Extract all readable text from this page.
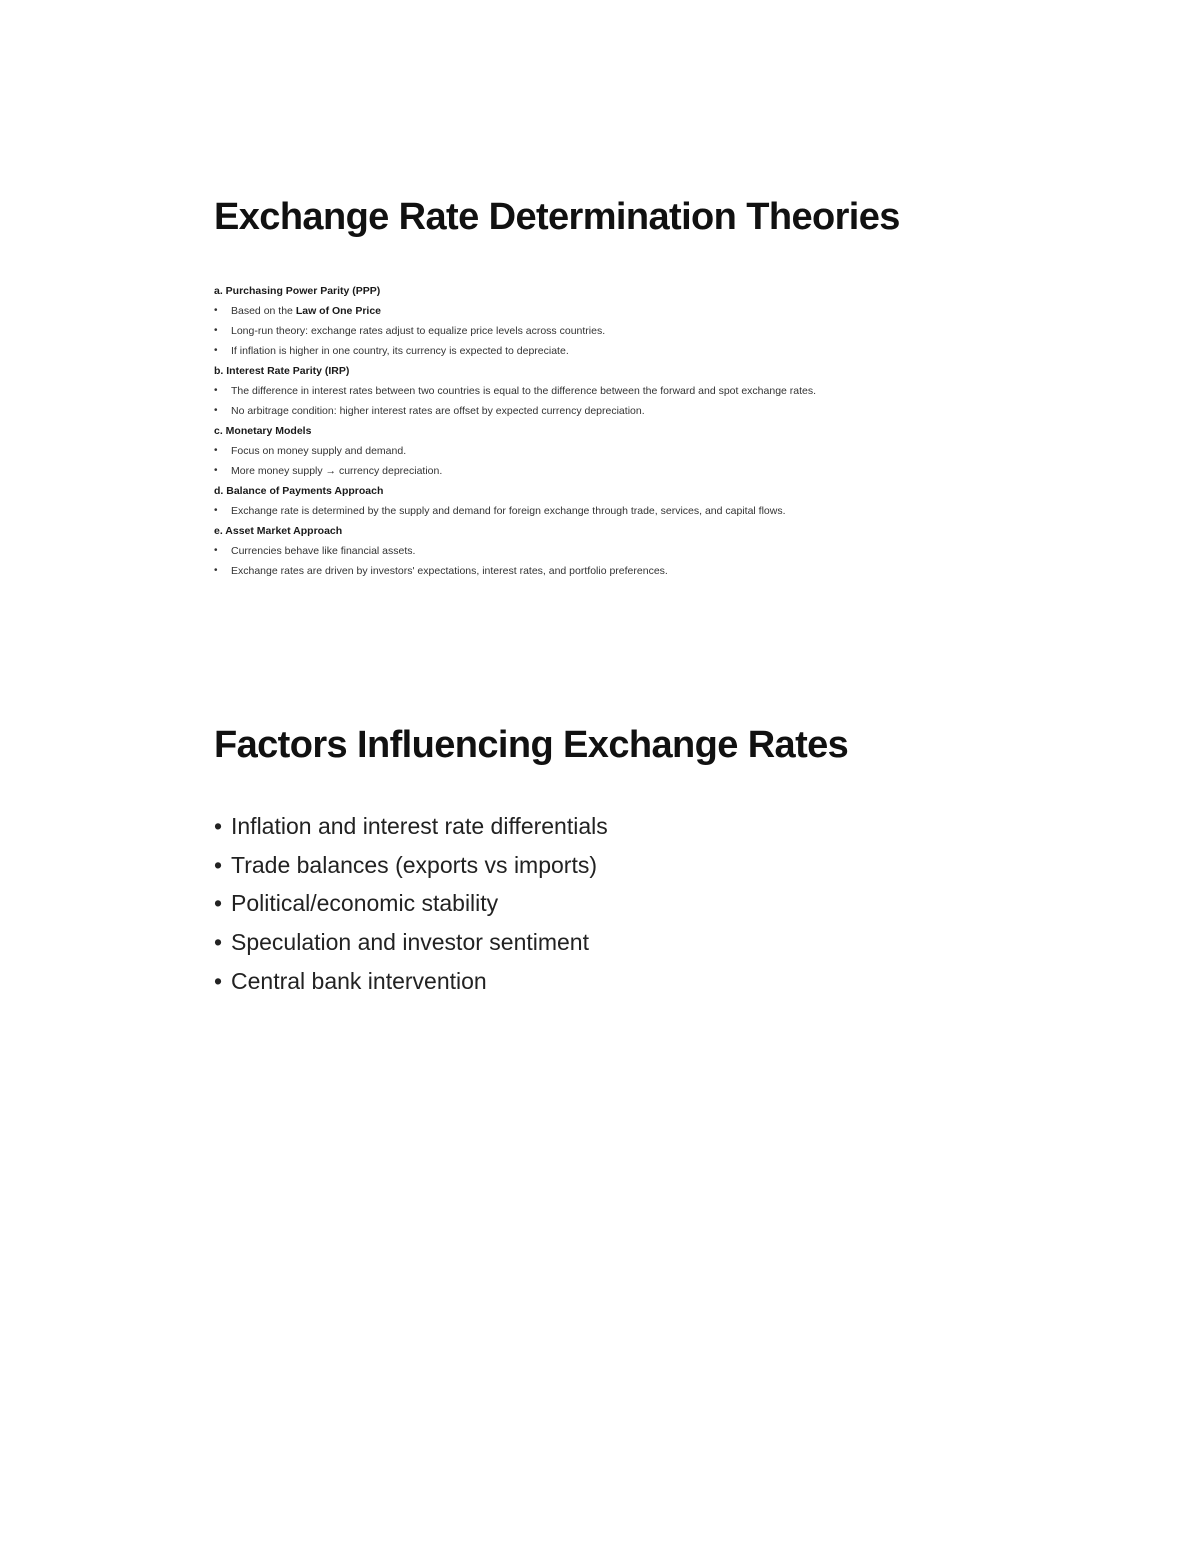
Exchange Rate Determination Theories
a. Purchasing Power Parity (PPP)
• Based on the Law of One Price
• Long-run theory: exchange rates adjust to equalize price levels across countries.
• If inflation is higher in one country, its currency is expected to depreciate.
b. Interest Rate Parity (IRP)
• The difference in interest rates between two countries is equal to the difference between the forward and spot exchange rates.
• No arbitrage condition: higher interest rates are offset by expected currency depreciation.
c. Monetary Models
• Focus on money supply and demand.
• More money supply → currency depreciation.
d. Balance of Payments Approach
• Exchange rate is determined by the supply and demand for foreign exchange through trade, services, and capital flows.
e. Asset Market Approach
• Currencies behave like financial assets.
• Exchange rates are driven by investors' expectations, interest rates, and portfolio preferences.
Factors Influencing Exchange Rates
• Inflation and interest rate differentials
• Trade balances (exports vs imports)
• Political/economic stability
• Speculation and investor sentiment
• Central bank intervention
